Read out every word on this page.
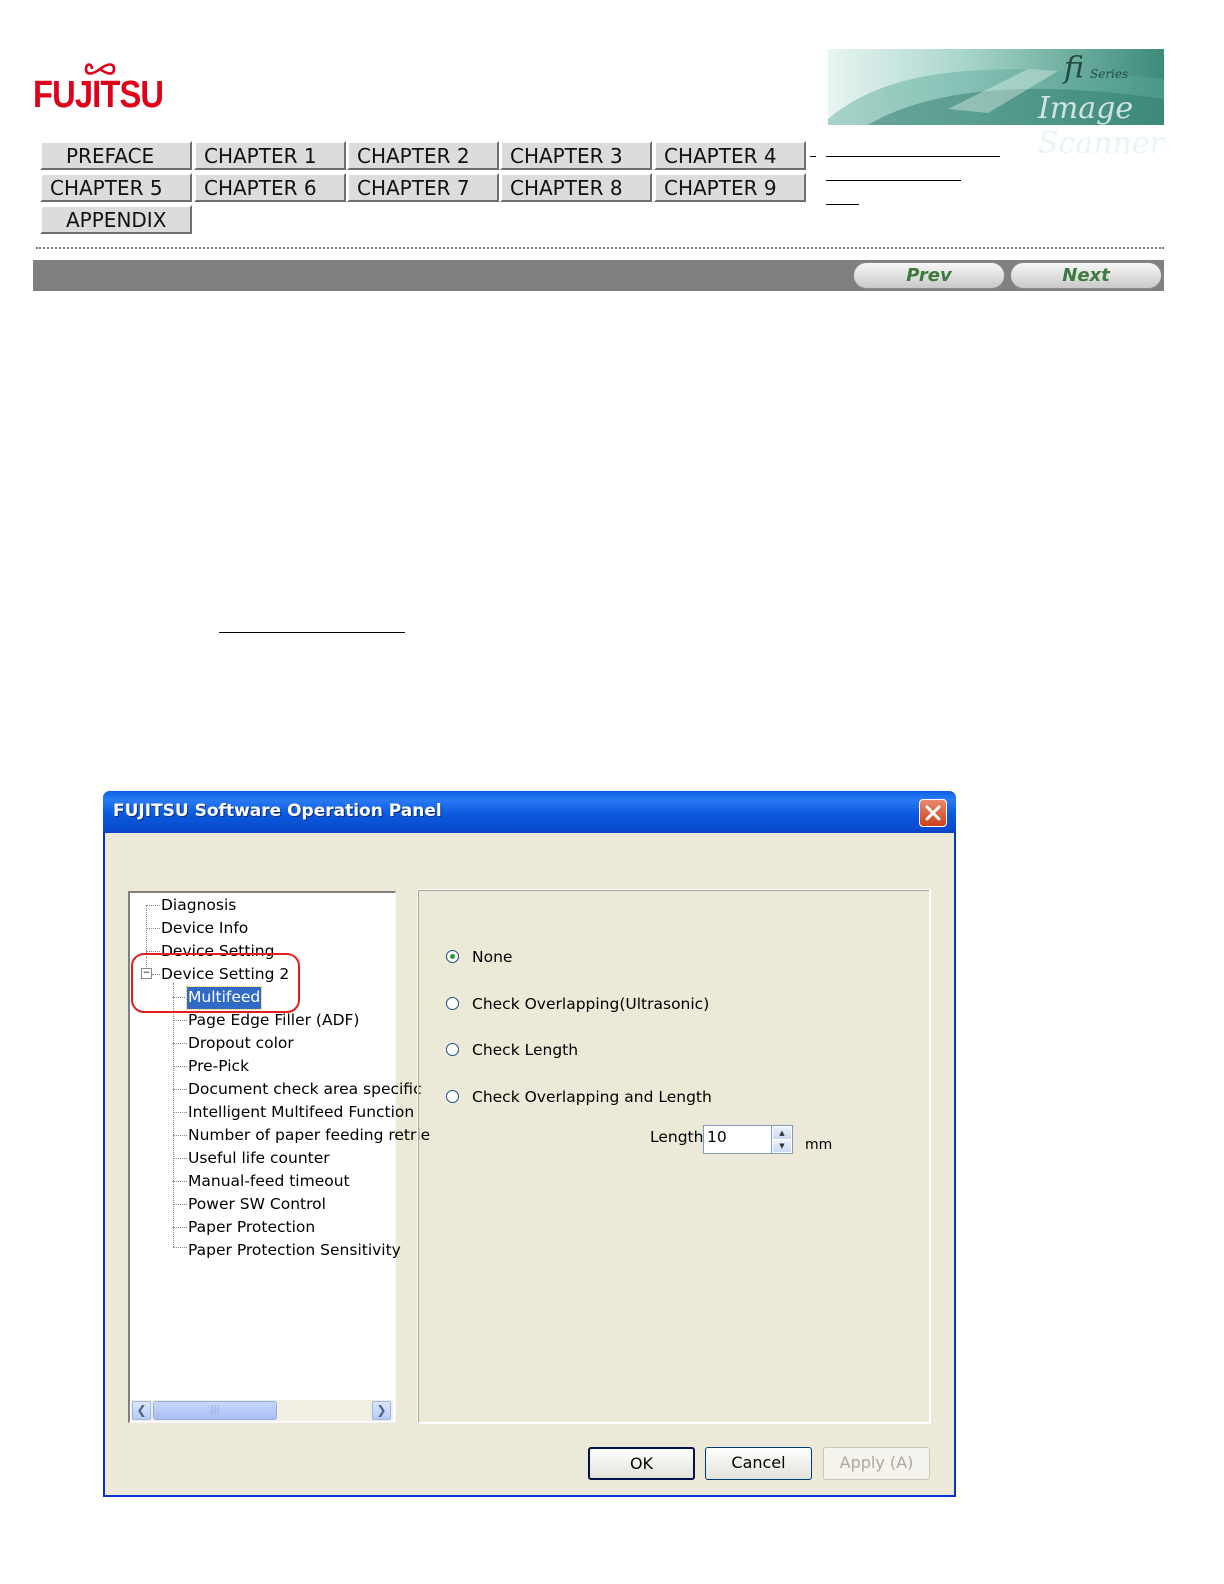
FUJITSU
fi Series
Image Scanner
PREFACE	CHAPTER 1	CHAPTER 2	CHAPTER 3	CHAPTER 4
CHAPTER 5	CHAPTER 6	CHAPTER 7	CHAPTER 8	CHAPTER 9
APPENDIX
Prev	Next
FUJITSU Software Operation Panel
Diagnosis
Device Info
Device Setting
− Device Setting 2
Multifeed
Page Edge Filler (ADF)
Dropout color
Pre-Pick
Document check area specific
Intelligent Multifeed Function
Number of paper feeding retrie
Useful life counter
Manual-feed timeout
Power SW Control
Paper Protection
Paper Protection Sensitivity
❮	|||	❯
None
Check Overlapping(Ultrasonic)
Check Length
Check Overlapping and Length
Length 10	▲
▼	mm
OK	Cancel	Apply (A)
